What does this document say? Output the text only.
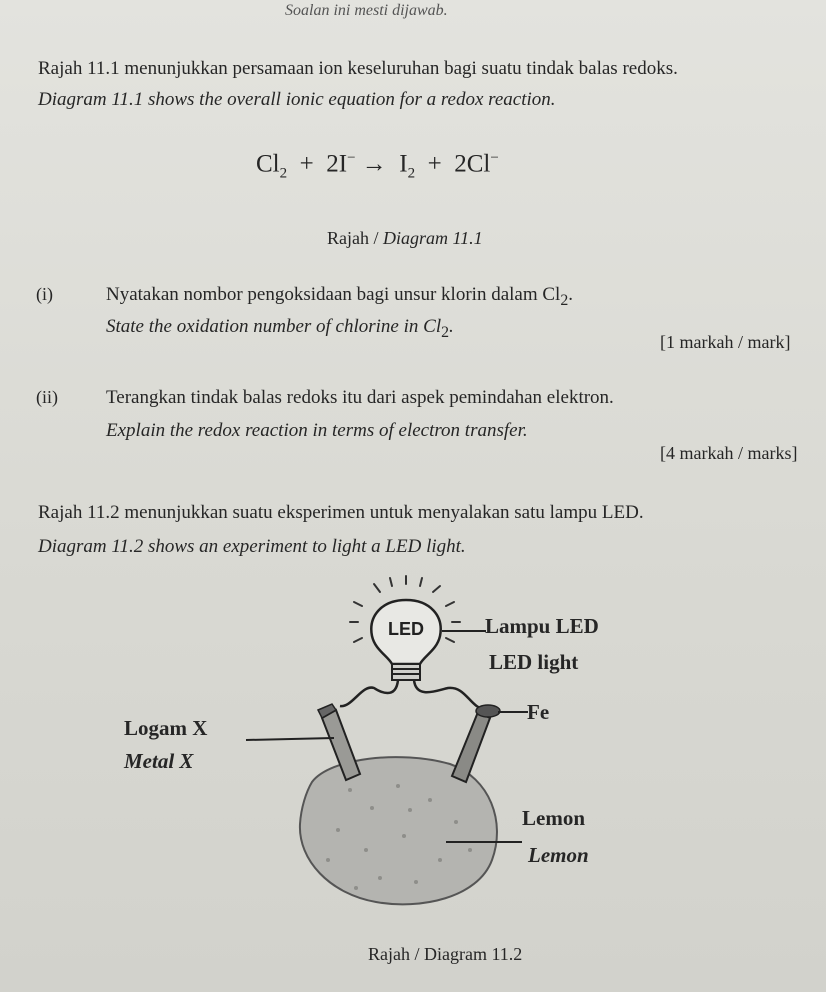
Soalan ini mesti dijawab.
Rajah 11.1 menunjukkan persamaan ion keseluruhan bagi suatu tindak balas redoks.
Diagram 11.1 shows the overall ionic equation for a redox reaction.
$Cl_2 + 2I^- \to I_2 + 2Cl^-$
Rajah / Diagram 11.1
(i)	Nyatakan nombor pengoksidaan bagi unsur klorin dalam $Cl_2$.
State the oxidation number of chlorine in $Cl_2$.
[1 markah / mark]
(ii)	Terangkan tindak balas redoks itu dari aspek pemindahan elektron.
Explain the redox reaction in terms of electron transfer.
[4 markah / marks]
Rajah 11.2 menunjukkan suatu eksperimen untuk menyalakan satu lampu LED.
Diagram 11.2 shows an experiment to light a LED light.
LED	Lampu LED
LED light
Fe
Logam X
Metal X
Lemon
Lemon
Rajah / Diagram 11.2
